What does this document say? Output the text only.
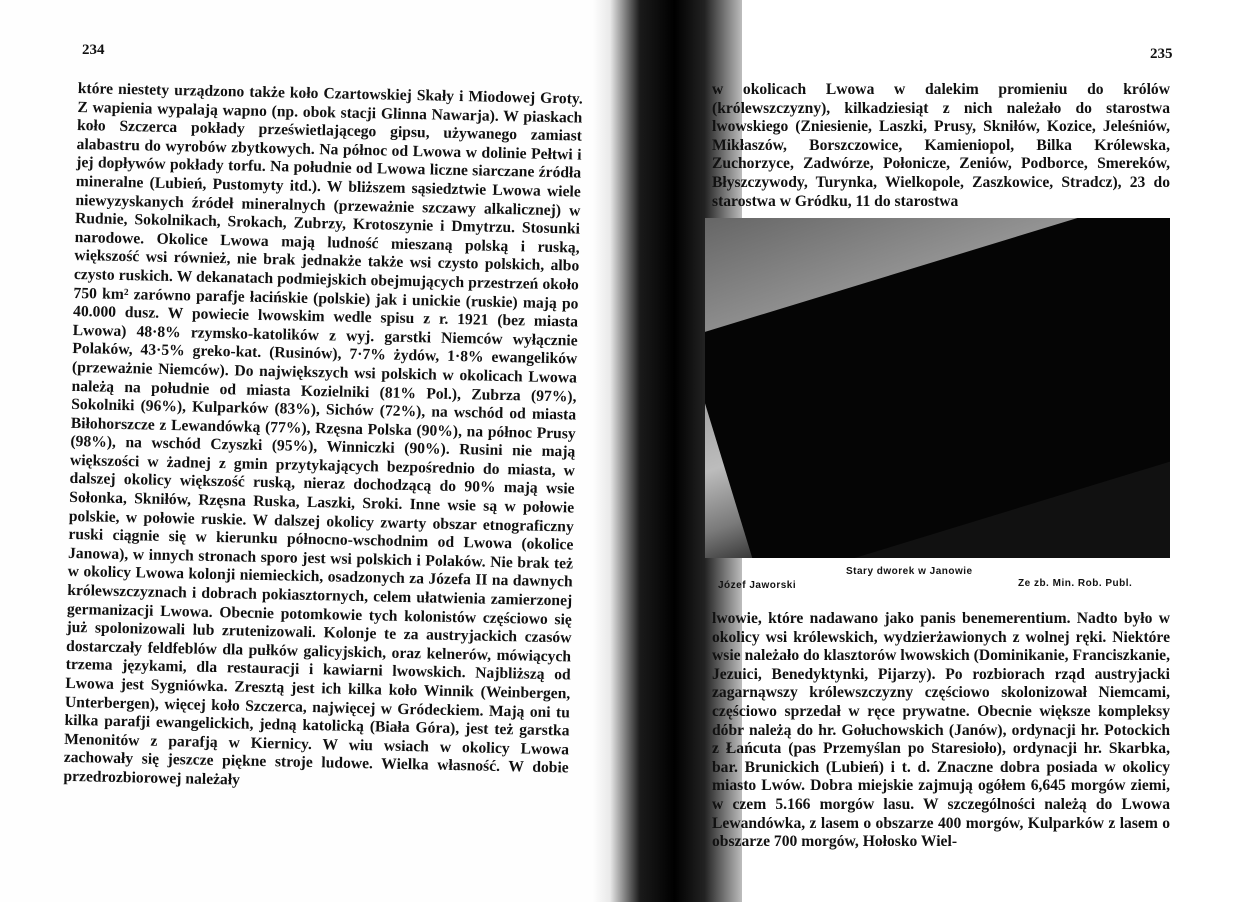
234

które niestety urządzono także koło Czartowskiej Skały i Miodowej Groty. Z wapienia wypalają wapno (np. obok stacji Glinna Nawarja). W piaskach koło Szczerca pokłady prześwietlającego gipsu, używanego zamiast alabastru do wyrobów zbytkowych. Na północ od Lwowa w dolinie Pełtwi i jej dopływów pokłady torfu. Na południe od Lwowa liczne siarczane źródła mineralne (Lubień, Pustomyty itd.). W bliższem sąsiedztwie Lwowa wiele niewyzyskanych źródeł mineralnych (przeważnie szczawy alkalicznej) w Rudnie, Sokolnikach, Srokach, Zubrzy, Krotoszynie i Dmytrzu. Stosunki narodowe. Okolice Lwowa mają ludność mieszaną polską i ruską, większość wsi również, nie brak jednakże także wsi czysto polskich, albo czysto ruskich. W dekanatach podmiejskich obejmujących przestrzeń około 750 km² zarówno parafje łacińskie (polskie) jak i unickie (ruskie) mają po 40.000 dusz. W powiecie lwowskim wedle spisu z r. 1921 (bez miasta Lwowa) 48·8% rzymsko-katolików z wyj. garstki Niemców wyłącznie Polaków, 43·5% greko-kat. (Rusinów), 7·7% żydów, 1·8% ewangelików (przeważnie Niemców). Do największych wsi polskich w okolicach Lwowa należą na południe od miasta Kozielniki (81% Pol.), Zubrza (97%), Sokolniki (96%), Kulparków (83%), Sichów (72%), na wschód od miasta Biłohorszcze z Lewandówką (77%), Rzęsna Polska (90%), na północ Prusy (98%), na wschód Czyszki (95%), Winniczki (90%). Rusini nie mają większości w żadnej z gmin przytykających bezpośrednio do miasta, w dalszej okolicy większość ruską, nieraz dochodzącą do 90% mają wsie Sołonka, Skniłów, Rzęsna Ruska, Laszki, Sroki. Inne wsie są w połowie polskie, w połowie ruskie. W dalszej okolicy zwarty obszar etnograficzny ruski ciągnie się w kierunku północno-wschodnim od Lwowa (okolice Janowa), w innych stronach sporo jest wsi polskich i Polaków. Nie brak też w okolicy Lwowa kolonji niemieckich, osadzonych za Józefa II na dawnych królewszczyznach i dobrach pokiasztornych, celem ułatwienia zamierzonej germanizacji Lwowa. Obecnie potomkowie tych kolonistów częściowo się już spolonizowali lub zrutenizowali. Kolonje te za austryjackich czasów dostarczały feldfeblów dla pułków galicyjskich, oraz kelnerów, mówiących trzema językami, dla restauracji i kawiarni lwowskich. Najbliższą od Lwowa jest Sygniówka. Zresztą jest ich kilka koło Winnik (Weinbergen, Unterbergen), więcej koło Szczerca, najwięcej w Gródeckiem. Mają oni tu kilka parafji ewangelickich, jedną katolicką (Biała Góra), jest też garstka Menonitów z parafją w Kiernicy. W wiu wsiach w okolicy Lwowa zachowały się jeszcze piękne stroje ludowe. Wielka własność. W dobie przedrozbiorowej należały

235

w okolicach Lwowa w dalekim promieniu do królów (królewszczyzny), kilkadziesiąt z nich należało do starostwa lwowskiego (Zniesienie, Laszki, Prusy, Skniłów, Kozice, Jeleśniów, Mikłaszów, Borszczowice, Kamieniopol, Bilka Królewska, Zuchorzyce, Zadwórze, Połonicze, Zeniów, Podborce, Smereków, Błyszczywody, Turynka, Wielkopole, Zaszkowice, Stradcz), 23 do starostwa w Gródku, 11 do starostwa

Stary dworek w Janowie
Józef Jaworski	Ze zb. Min. Rob. Publ.

lwowie, które nadawano jako panis benemerentium. Nadto było w okolicy wsi królewskich, wydzierżawionych z wolnej ręki. Niektóre wsie należało do klasztorów lwowskich (Dominikanie, Franciszkanie, Jezuici, Benedyktynki, Pijarzy). Po rozbiorach rząd austryjacki zagarnąwszy królewszczyzny częściowo skolonizował Niemcami, częściowo sprzedał w ręce prywatne. Obecnie większe kompleksy dóbr należą do hr. Gołuchowskich (Janów), ordynacji hr. Potockich z Łańcuta (pas Przemyślan po Staresioło), ordynacji hr. Skarbka, bar. Brunickich (Lubień) i t. d. Znaczne dobra posiada w okolicy miasto Lwów. Dobra miejskie zajmują ogółem 6,645 morgów ziemi, w czem 5.166 morgów lasu. W szczególności należą do Lwowa Lewandówka, z lasem o obszarze 400 morgów, Kulparków z lasem o obszarze 700 morgów, Hołosko Wiel-
